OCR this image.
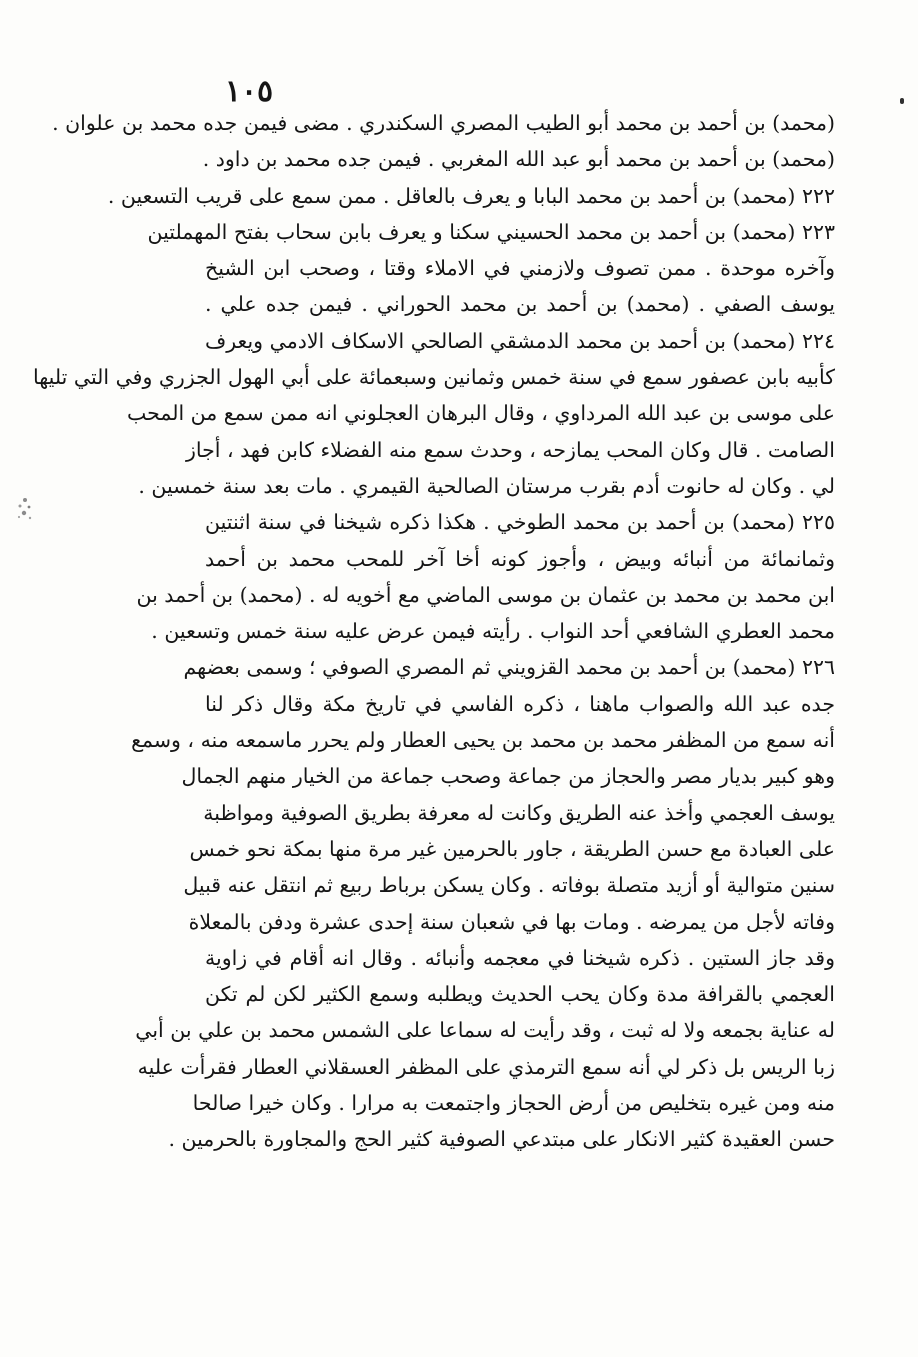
١٠٥
(محمد) بن أحمد بن محمد أبو الطيب المصري السكندري . مضى فيمن جده محمد بن علوان .
(محمد) بن أحمد بن محمد أبو عبد الله المغربي . فيمن جده محمد بن داود .
٢٢٢ (محمد) بن أحمد بن محمد البابا و يعرف بالعاقل . ممن سمع على قريب التسعين .
٢٢٣ (محمد) بن أحمد بن محمد الحسيني سكنا و يعرف بابن سحاب بفتح المهملتين
وآخره موحدة . ممن تصوف ولازمني في الاملاء وقتا ، وصحب ابن الشيخ
يوسف الصفي . (محمد) بن أحمد بن محمد الحوراني . فيمن جده علي .
٢٢٤ (محمد) بن أحمد بن محمد الدمشقي الصالحي الاسكاف الادمي ويعرف
كأبيه بابن عصفور سمع في سنة خمس وثمانين وسبعمائة على أبي الهول الجزري وفي التي تليها
على موسى بن عبد الله المرداوي ، وقال البرهان العجلوني انه ممن سمع من المحب
الصامت . قال وكان المحب يمازحه ، وحدث سمع منه الفضلاء كابن فهد ، أجاز
لي . وكان له حانوت أدم بقرب مرستان الصالحية القيمري . مات بعد سنة خمسين .
٢٢٥ (محمد) بن أحمد بن محمد الطوخي . هكذا ذكره شيخنا في سنة اثنتين
وثمانمائة من أنبائه وبيض ، وأجوز كونه أخا آخر للمحب محمد بن أحمد
ابن محمد بن محمد بن عثمان بن موسى الماضي مع أخويه له . (محمد) بن أحمد بن
محمد العطري الشافعي أحد النواب . رأيته فيمن عرض عليه سنة خمس وتسعين .
٢٢٦ (محمد) بن أحمد بن محمد القزويني ثم المصري الصوفي ؛ وسمى بعضهم
جده عبد الله والصواب ماهنا ، ذكره الفاسي في تاريخ مكة وقال ذكر لنا
أنه سمع من المظفر محمد بن محمد بن يحيى العطار ولم يحرر ماسمعه منه ، وسمع
وهو كبير بديار مصر والحجاز من جماعة وصحب جماعة من الخيار منهم الجمال
يوسف العجمي وأخذ عنه الطريق وكانت له معرفة بطريق الصوفية ومواظبة
على العبادة مع حسن الطريقة ، جاور بالحرمين غير مرة منها بمكة نحو خمس
سنين متوالية أو أزيد متصلة بوفاته . وكان يسكن برباط ربيع ثم انتقل عنه قبيل
وفاته لأجل من يمرضه . ومات بها في شعبان سنة إحدى عشرة ودفن بالمعلاة
وقد جاز الستين . ذكره شيخنا في معجمه وأنبائه . وقال انه أقام في زاوية
العجمي بالقرافة مدة وكان يحب الحديث ويطلبه وسمع الكثير لكن لم تكن
له عناية بجمعه ولا له ثبت ، وقد رأيت له سماعا على الشمس محمد بن علي بن أبي
زبا الريس بل ذكر لي أنه سمع الترمذي على المظفر العسقلاني العطار فقرأت عليه
منه ومن غيره بتخليص من أرض الحجاز واجتمعت به مرارا . وكان خيرا صالحا
حسن العقيدة كثير الانكار على مبتدعي الصوفية كثير الحج والمجاورة بالحرمين .
